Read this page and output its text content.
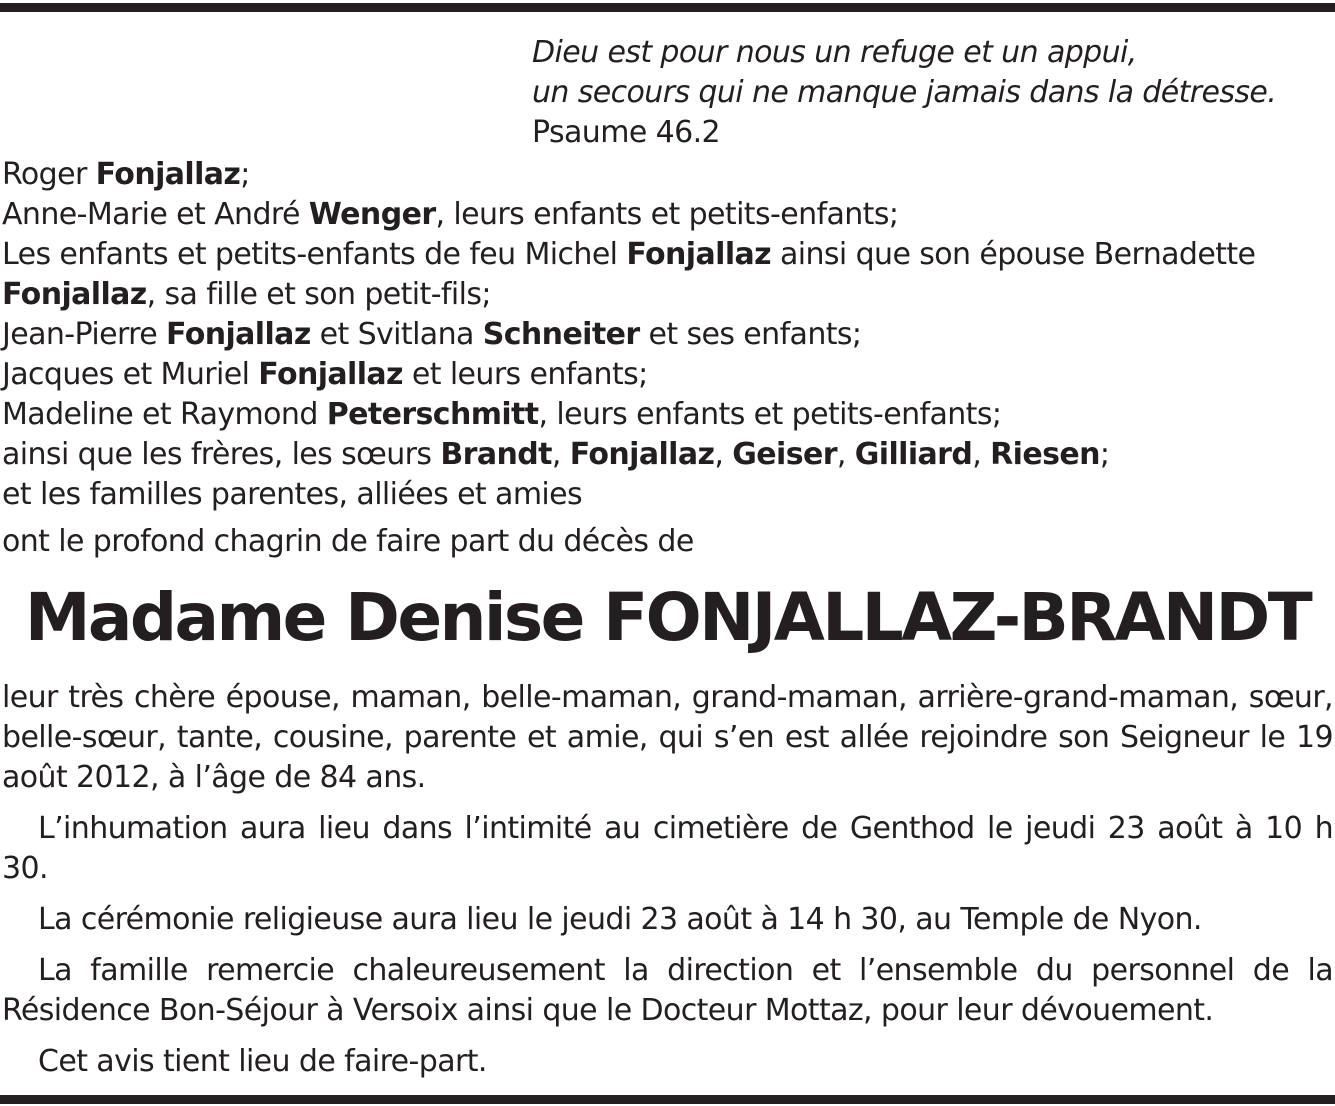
Dieu est pour nous un refuge et un appui,
un secours qui ne manque jamais dans la détresse.
Psaume 46.2
Roger Fonjallaz;
Anne-Marie et André Wenger, leurs enfants et petits-enfants;
Les enfants et petits-enfants de feu Michel Fonjallaz ainsi que son épouse Bernadette
Fonjallaz, sa fille et son petit-fils;
Jean-Pierre Fonjallaz et Svitlana Schneiter et ses enfants;
Jacques et Muriel Fonjallaz et leurs enfants;
Madeline et Raymond Peterschmitt, leurs enfants et petits-enfants;
ainsi que les frères, les sœurs Brandt, Fonjallaz, Geiser, Gilliard, Riesen;
et les familles parentes, alliées et amies
ont le profond chagrin de faire part du décès de
Madame Denise FONJALLAZ-BRANDT

leur très chère épouse, maman, belle-maman, grand-maman, arrière-grand-maman, sœur, belle-sœur, tante, cousine, parente et amie, qui s’en est allée rejoindre son Seigneur le 19 août 2012, à l’âge de 84 ans.

L’inhumation aura lieu dans l’intimité au cimetière de Genthod le jeudi 23 août à 10 h 30.

La cérémonie religieuse aura lieu le jeudi 23 août à 14 h 30, au Temple de Nyon.

La famille remercie chaleureusement la direction et l’ensemble du personnel de la Résidence Bon-Séjour à Versoix ainsi que le Docteur Mottaz, pour leur dévouement.

Cet avis tient lieu de faire-part.
